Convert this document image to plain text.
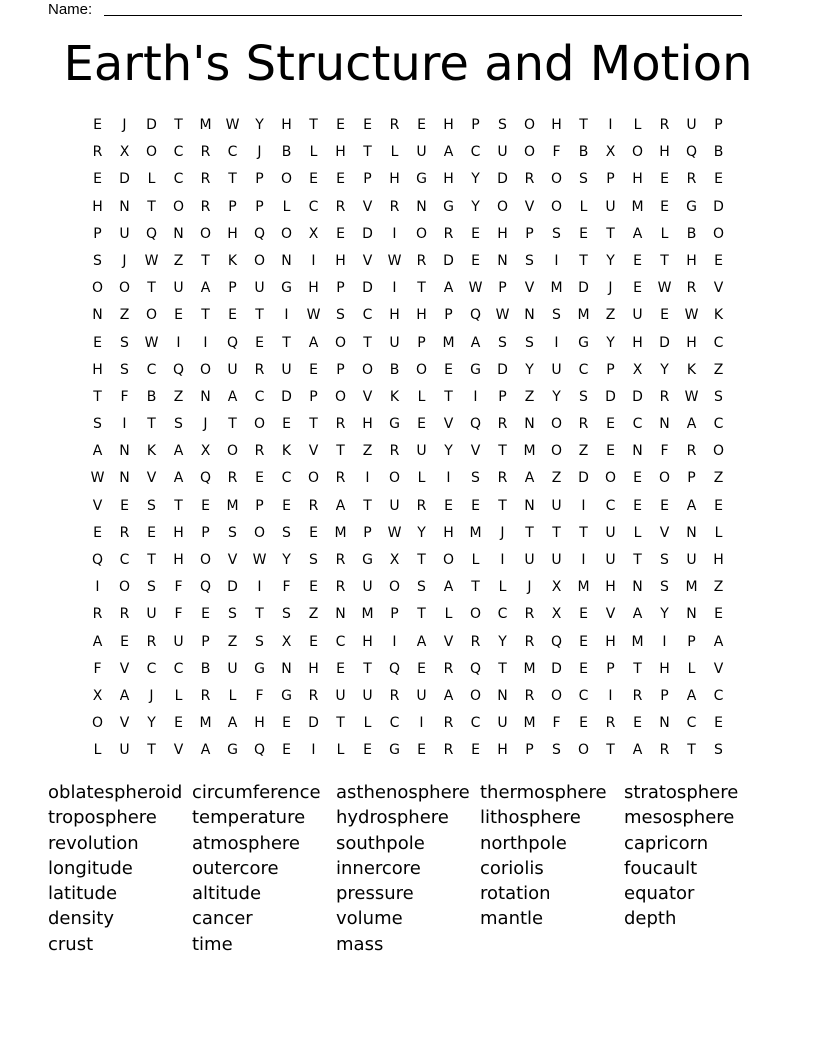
Name:
Earth's Structure and Motion
E	J	D	T	M	W	Y	H	T	E	E	R	E	H	P	S	O	H	T	I	L	R	U	P
R	X	O	C	R	C	J	B	L	H	T	L	U	A	C	U	O	F	B	X	O	H	Q	B
E	D	L	C	R	T	P	O	E	E	P	H	G	H	Y	D	R	O	S	P	H	E	R	E
H	N	T	O	R	P	P	L	C	R	V	R	N	G	Y	O	V	O	L	U	M	E	G	D
P	U	Q	N	O	H	Q	O	X	E	D	I	O	R	E	H	P	S	E	T	A	L	B	O
S	J	W	Z	T	K	O	N	I	H	V	W	R	D	E	N	S	I	T	Y	E	T	H	E
O	O	T	U	A	P	U	G	H	P	D	I	T	A	W	P	V	M	D	J	E	W	R	V
N	Z	O	E	T	E	T	I	W	S	C	H	H	P	Q	W	N	S	M	Z	U	E	W	K
E	S	W	I	I	Q	E	T	A	O	T	U	P	M	A	S	S	I	G	Y	H	D	H	C
H	S	C	Q	O	U	R	U	E	P	O	B	O	E	G	D	Y	U	C	P	X	Y	K	Z
T	F	B	Z	N	A	C	D	P	O	V	K	L	T	I	P	Z	Y	S	D	D	R	W	S
S	I	T	S	J	T	O	E	T	R	H	G	E	V	Q	R	N	O	R	E	C	N	A	C
A	N	K	A	X	O	R	K	V	T	Z	R	U	Y	V	T	M	O	Z	E	N	F	R	O
W	N	V	A	Q	R	E	C	O	R	I	O	L	I	S	R	A	Z	D	O	E	O	P	Z
V	E	S	T	E	M	P	E	R	A	T	U	R	E	E	T	N	U	I	C	E	E	A	E
E	R	E	H	P	S	O	S	E	M	P	W	Y	H	M	J	T	T	T	U	L	V	N	L
Q	C	T	H	O	V	W	Y	S	R	G	X	T	O	L	I	U	U	I	U	T	S	U	H
I	O	S	F	Q	D	I	F	E	R	U	O	S	A	T	L	J	X	M	H	N	S	M	Z
R	R	U	F	E	S	T	S	Z	N	M	P	T	L	O	C	R	X	E	V	A	Y	N	E
A	E	R	U	P	Z	S	X	E	C	H	I	A	V	R	Y	R	Q	E	H	M	I	P	A
F	V	C	C	B	U	G	N	H	E	T	Q	E	R	Q	T	M	D	E	P	T	H	L	V
X	A	J	L	R	L	F	G	R	U	U	R	U	A	O	N	R	O	C	I	R	P	A	C
O	V	Y	E	M	A	H	E	D	T	L	C	I	R	C	U	M	F	E	R	E	N	C	E
L	U	T	V	A	G	Q	E	I	L	E	G	E	R	E	H	P	S	O	T	A	R	T	S
oblatespheroid circumference asthenosphere thermosphere stratosphere
troposphere	temperature	hydrosphere	lithosphere	mesosphere
revolution	atmosphere	southpole	northpole	capricorn
longitude	outercore	innercore	coriolis	foucault
latitude	altitude	pressure	rotation	equator
density	cancer	volume	mantle	depth
crust	time	mass
